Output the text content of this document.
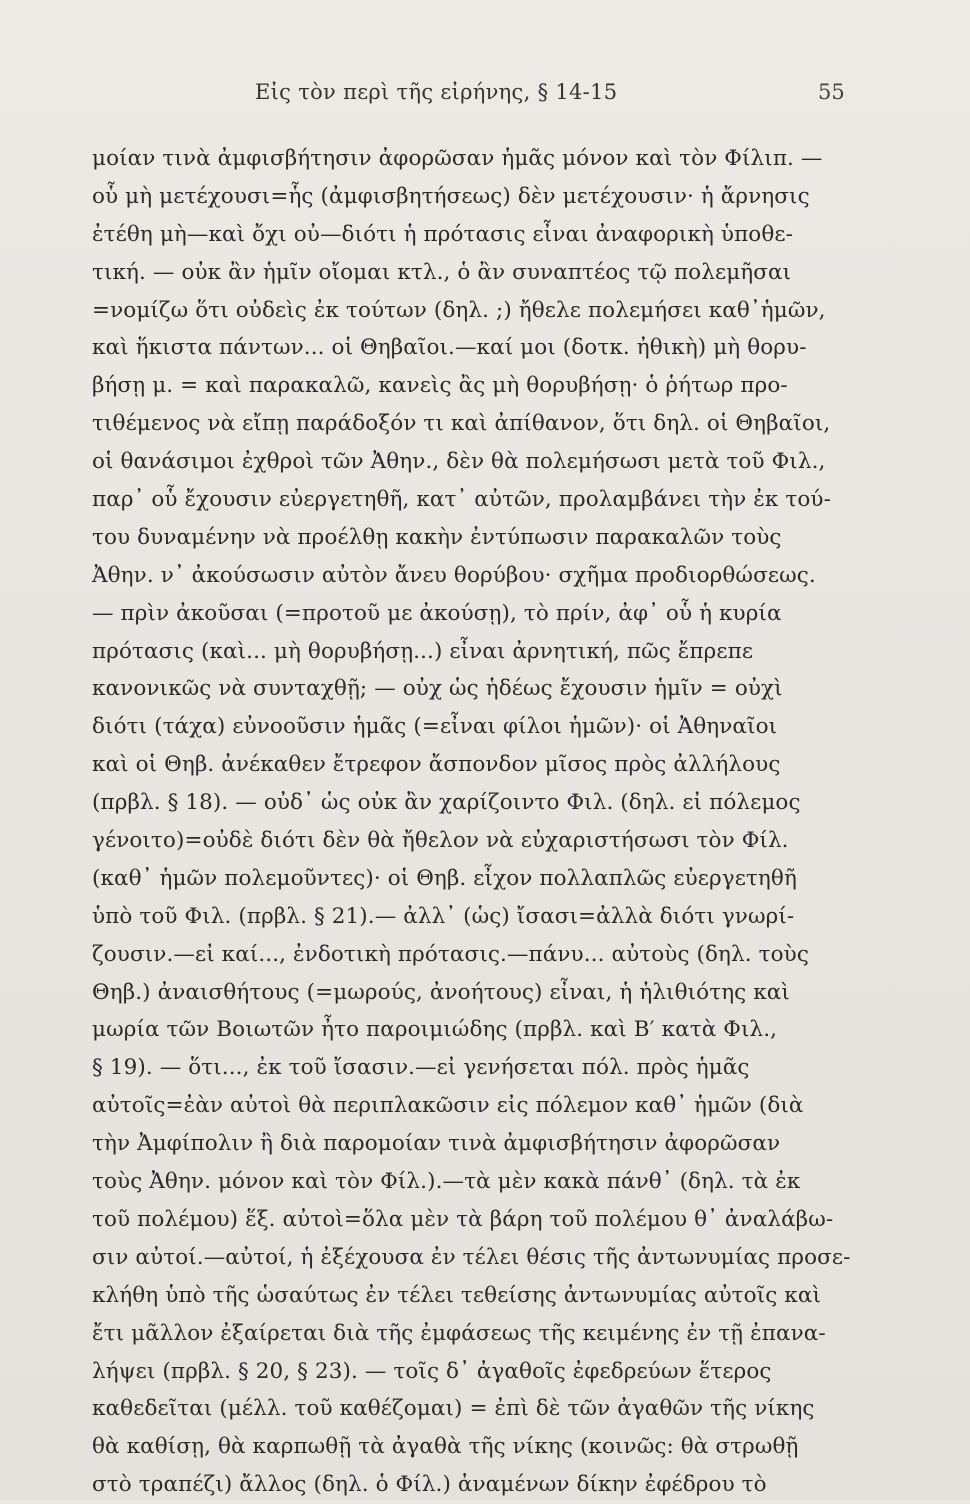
Εἰς τὸν περὶ τῆς εἰρήνης, § 14-15	55
μοίαν τινὰ ἀμφισβήτησιν ἀφορῶσαν ἡμᾶς μόνον καὶ τὸν Φίλιπ. —
οὗ μὴ μετέχουσι=ἧς (ἀμφισβητήσεως) δὲν μετέχουσιν· ἡ ἄρνησις
ἐτέθη μὴ—καὶ ὄχι οὐ—διότι ἡ πρότασις εἶναι ἀναφορικὴ ὑποθε-
τική. — οὐκ ἂν ἡμῖν οἴομαι κτλ., ὁ ἂν συναπτέος τῷ πολεμῆσαι
=νομίζω ὅτι οὐδεὶς ἐκ τούτων (δηλ. ;) ἤθελε πολεμήσει καθ᾽ἡμῶν,
καὶ ἥκιστα πάντων... οἱ Θηβαῖοι.—καί μοι (δοτκ. ἠθικὴ) μὴ θορυ-
βήσῃ μ. = καὶ παρακαλῶ, κανεὶς ἂς μὴ θορυβήσῃ· ὁ ῥήτωρ προ-
τιθέμενος νὰ εἴπῃ παράδοξόν τι καὶ ἀπίθανον, ὅτι δηλ. οἱ Θηβαῖοι,
οἱ θανάσιμοι ἐχθροὶ τῶν Ἀθην., δὲν θὰ πολεμήσωσι μετὰ τοῦ Φιλ.,
παρ᾽ οὗ ἔχουσιν εὐεργετηθῆ, κατ᾽ αὐτῶν, προλαμβάνει τὴν ἐκ τού-
του δυναμένην νὰ προέλθῃ κακὴν ἐντύπωσιν παρακαλῶν τοὺς
Ἀθην. ν᾽ ἀκούσωσιν αὐτὸν ἄνευ θορύβου· σχῆμα προδιορθώσεως.
— πρὶν ἀκοῦσαι (=προτοῦ με ἀκούσῃ), τὸ πρίν, ἀφ᾽ οὗ ἡ κυρία
πρότασις (καὶ... μὴ θορυβήσῃ...) εἶναι ἀρνητική, πῶς ἔπρεπε
κανονικῶς νὰ συνταχθῇ; — οὐχ ὡς ἡδέως ἔχουσιν ἡμῖν = οὐχὶ
διότι (τάχα) εὐνοοῦσιν ἡμᾶς (=εἶναι φίλοι ἡμῶν)· οἱ Ἀθηναῖοι
καὶ οἱ Θηβ. ἀνέκαθεν ἔτρεφον ἄσπονδον μῖσος πρὸς ἀλλήλους
(πρβλ. § 18). — οὐδ᾽ ὡς οὐκ ἂν χαρίζοιντο Φιλ. (δηλ. εἰ πόλεμος
γένοιτο)=οὐδὲ διότι δὲν θὰ ἤθελον νὰ εὐχαριστήσωσι τὸν Φίλ.
(καθ᾽ ἡμῶν πολεμοῦντες)· οἱ Θηβ. εἶχον πολλαπλῶς εὐεργετηθῆ
ὑπὸ τοῦ Φιλ. (πρβλ. § 21).— ἀλλ᾽ (ὡς) ἴσασι=ἀλλὰ διότι γνωρί-
ζουσιν.—εἰ καί..., ἐνδοτικὴ πρότασις.—πάνυ... αὐτοὺς (δηλ. τοὺς
Θηβ.) ἀναισθήτους (=μωρούς, ἀνοήτους) εἶναι, ἡ ἠλιθιότης καὶ
μωρία τῶν Βοιωτῶν ἦτο παροιμιώδης (πρβλ. καὶ Β′ κατὰ Φιλ.,
§ 19). — ὅτι..., ἐκ τοῦ ἴσασιν.—εἰ γενήσεται πόλ. πρὸς ἡμᾶς
αὐτοῖς=ἐὰν αὐτοὶ θὰ περιπλακῶσιν εἰς πόλεμον καθ᾽ ἡμῶν (διὰ
τὴν Ἀμφίπολιν ἢ διὰ παρομοίαν τινὰ ἀμφισβήτησιν ἀφορῶσαν
τοὺς Ἀθην. μόνον καὶ τὸν Φίλ.).—τὰ μὲν κακὰ πάνθ᾽ (δηλ. τὰ ἐκ
τοῦ πολέμου) ἕξ. αὐτοὶ=ὅλα μὲν τὰ βάρη τοῦ πολέμου θ᾽ ἀναλάβω-
σιν αὐτοί.—αὐτοί, ἡ ἐξέχουσα ἐν τέλει θέσις τῆς ἀντωνυμίας προσε-
κλήθη ὑπὸ τῆς ὡσαύτως ἐν τέλει τεθείσης ἀντωνυμίας αὐτοῖς καὶ
ἔτι μᾶλλον ἐξαίρεται διὰ τῆς ἐμφάσεως τῆς κειμένης ἐν τῇ ἐπανα-
λήψει (πρβλ. § 20, § 23). — τοῖς δ᾽ ἀγαθοῖς ἐφεδρεύων ἕτερος
καθεδεῖται (μέλλ. τοῦ καθέζομαι) = ἐπὶ δὲ τῶν ἀγαθῶν τῆς νίκης
θὰ καθίσῃ, θὰ καρπωθῇ τὰ ἀγαθὰ τῆς νίκης (κοινῶς: θὰ στρωθῇ
στὸ τραπέζι) ἄλλος (δηλ. ὁ Φίλ.) ἀναμένων δίκην ἐφέδρου τὸ
